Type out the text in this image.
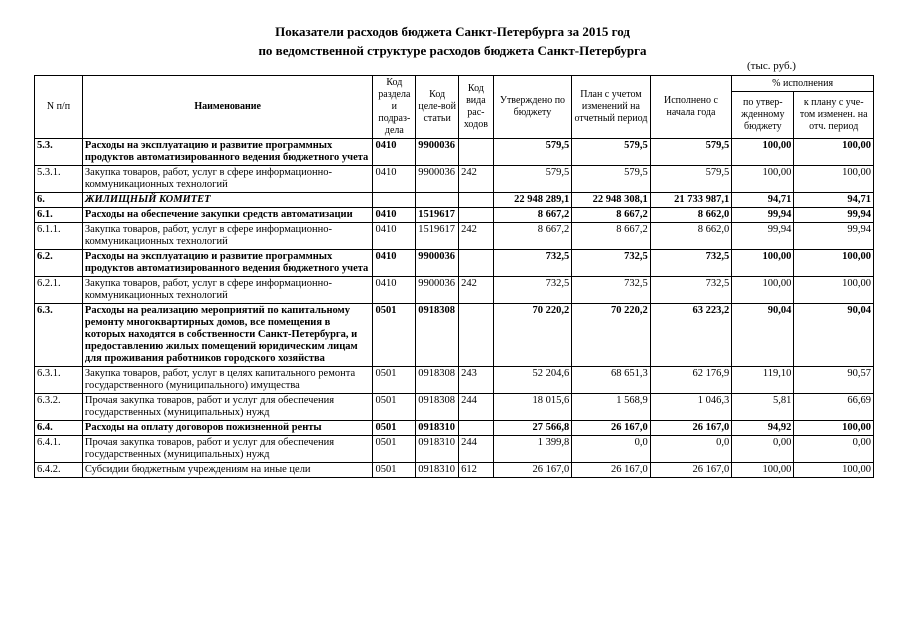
Показатели расходов бюджета Санкт-Петербурга за 2015 год
по ведомственной структуре расходов бюджета Санкт-Петербурга
(тыс. руб.)
N п/п	Наименование	Код раздела и подраз-дела	Код целе-вой статьи	Код вида рас-ходов	Утверждено по бюджету	План с учетом изменений на отчетный период	Исполнено с начала года	% исполнения	
								по утвер-жденному бюджету	к плану с уче-том изменен. на отч. период
5.3.	Расходы на эксплуатацию и развитие программных продуктов автоматизированного ведения бюджетного учета	0410	9900036		579,5	579,5	579,5	100,00	100,00
5.3.1.	Закупка товаров, работ, услуг в сфере информационно-коммуникационных технологий	0410	9900036	242	579,5	579,5	579,5	100,00	100,00
6.	ЖИЛИЩНЫЙ КОМИТЕТ				22 948 289,1	22 948 308,1	21 733 987,1	94,71	94,71
6.1.	Расходы на обеспечение закупки средств автоматизации	0410	1519617		8 667,2	8 667,2	8 662,0	99,94	99,94
6.1.1.	Закупка товаров, работ, услуг в сфере информационно-коммуникационных технологий	0410	1519617	242	8 667,2	8 667,2	8 662,0	99,94	99,94
6.2.	Расходы на эксплуатацию и развитие программных продуктов автоматизированного ведения бюджетного учета	0410	9900036		732,5	732,5	732,5	100,00	100,00
6.2.1.	Закупка товаров, работ, услуг в сфере информационно-коммуникационных технологий	0410	9900036	242	732,5	732,5	732,5	100,00	100,00
6.3.	Расходы на реализацию мероприятий по капитальному ремонту многоквартирных домов, все помещения в которых находятся в собственности Санкт-Петербурга, и предоставлению жилых помещений юридическим лицам для проживания работников городского хозяйства	0501	0918308		70 220,2	70 220,2	63 223,2	90,04	90,04
6.3.1.	Закупка товаров, работ, услуг в целях капитального ремонта государственного (муниципального) имущества	0501	0918308	243	52 204,6	68 651,3	62 176,9	119,10	90,57
6.3.2.	Прочая закупка товаров, работ и услуг для обеспечения государственных (муниципальных) нужд	0501	0918308	244	18 015,6	1 568,9	1 046,3	5,81	66,69
6.4.	Расходы на оплату договоров пожизненной ренты	0501	0918310		27 566,8	26 167,0	26 167,0	94,92	100,00
6.4.1.	Прочая закупка товаров, работ и услуг для обеспечения государственных (муниципальных) нужд	0501	0918310	244	1 399,8	0,0	0,0	0,00	0,00
6.4.2.	Субсидии бюджетным учреждениям на иные цели	0501	0918310	612	26 167,0	26 167,0	26 167,0	100,00	100,00
